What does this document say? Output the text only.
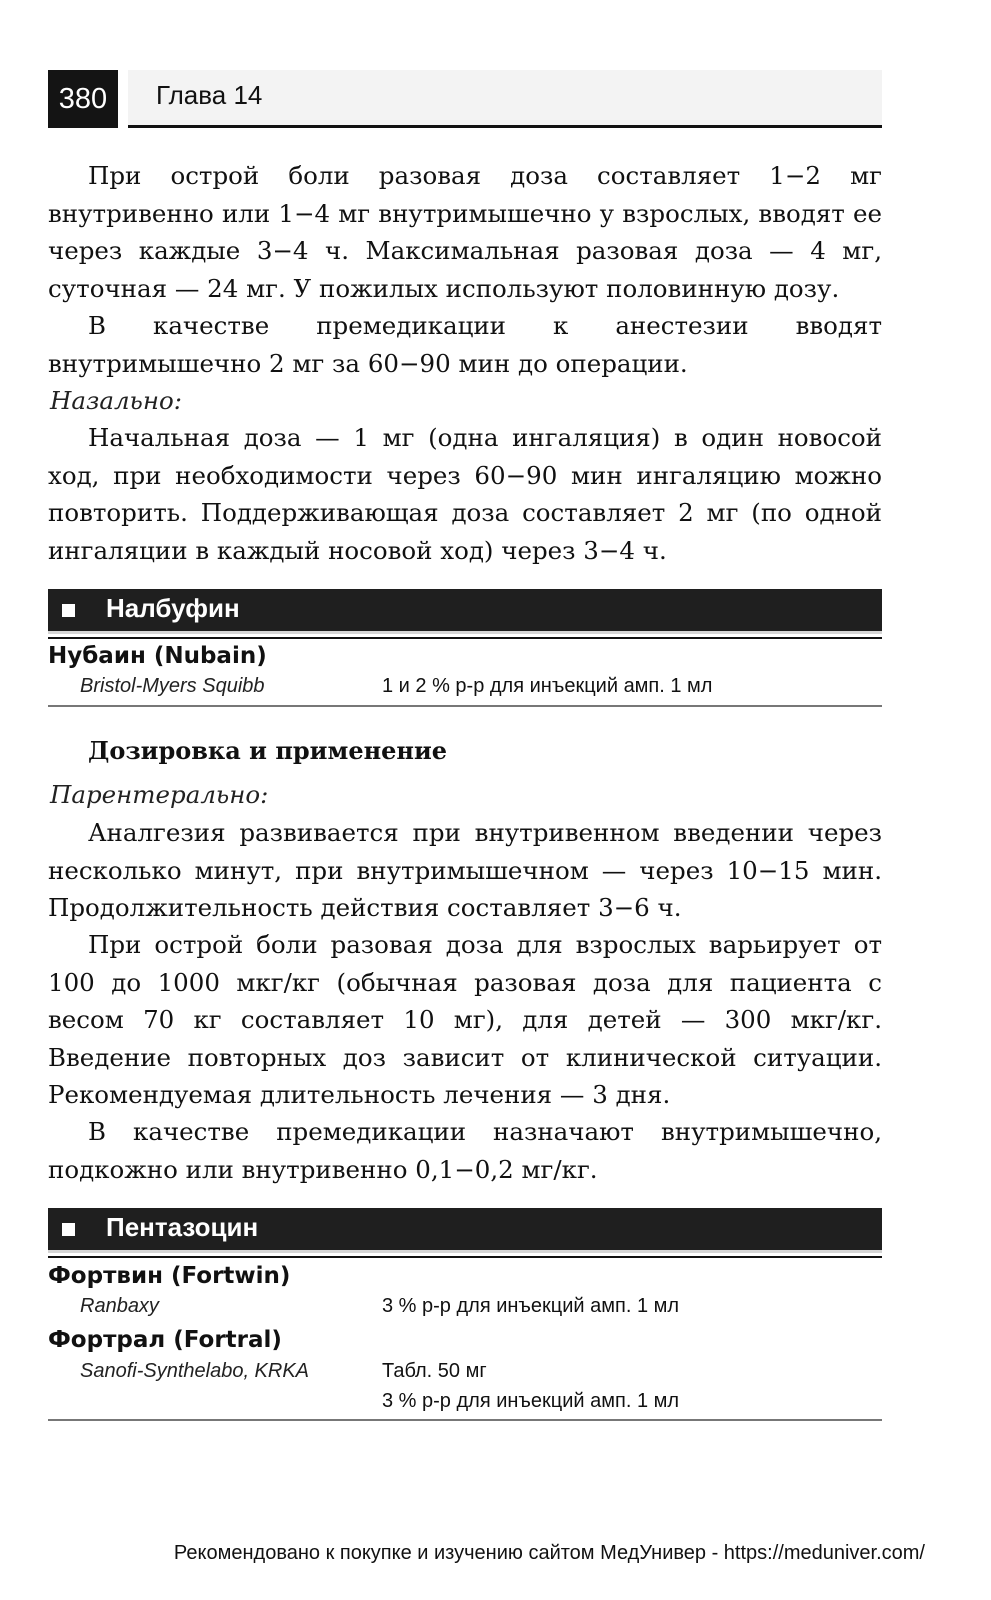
380	Глава 14

При острой боли разовая доза составляет 1−2 мг внутривенно или 1−4 мг внутримышечно у взрослых, вводят ее через каждые 3−4 ч. Максимальная разовая доза — 4 мг, суточная — 24 мг. У пожилых используют половинную дозу.

В качестве премедикации к анестезии вводят внутримышечно 2 мг за 60−90 мин до операции.

Назально:

Начальная доза — 1 мг (одна ингаляция) в один новосой ход, при необходимости через 60−90 мин ингаляцию можно повторить. Поддерживающая доза составляет 2 мг (по одной ингаляции в каждый носовой ход) через 3−4 ч.

Налбуфин

Нубаин (Nubain)

Bristol-Myers Squibb	1 и 2 % р-р для инъекций амп. 1 мл

Дозировка и применение

Парентерально:

Аналгезия развивается при внутривенном введении через несколько минут, при внутримышечном — через 10−15 мин. Продолжительность действия составляет 3−6 ч.

При острой боли разовая доза для взрослых варьирует от 100 до 1000 мкг/кг (обычная разовая доза для пациента с весом 70 кг составляет 10 мг), для детей — 300 мкг/кг. Введение повторных доз зависит от клинической ситуации. Рекомендуемая длительность лечения — 3 дня.

В качестве премедикации назначают внутримышечно, подкожно или внутривенно 0,1−0,2 мг/кг.

Пентазоцин

Фортвин (Fortwin)

Ranbaxy	3 % р-р для инъекций амп. 1 мл

Фортрал (Fortral)

Sanofi-Synthelabo, KRKA	Табл. 50 мг

3 % р-р для инъекций амп. 1 мл

Рекомендовано к покупке и изучению сайтом МедУнивер - https://meduniver.com/
